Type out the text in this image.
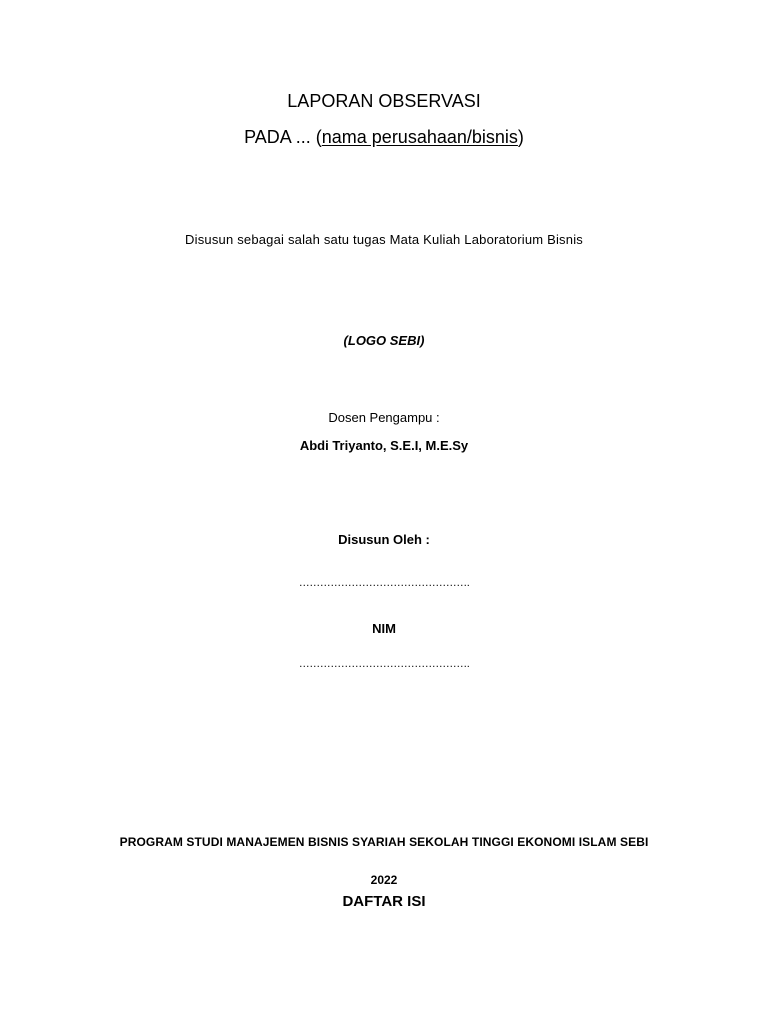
LAPORAN OBSERVASI
PADA ... (nama perusahaan/bisnis)
Disusun sebagai salah satu tugas Mata Kuliah Laboratorium Bisnis
(LOGO SEBI)
Dosen Pengampu :
Abdi Triyanto, S.E.I, M.E.Sy
Disusun Oleh :
………………………………………….
NIM
………………………………………….
PROGRAM STUDI MANAJEMEN BISNIS SYARIAH SEKOLAH TINGGI EKONOMI ISLAM SEBI
2022
DAFTAR ISI
